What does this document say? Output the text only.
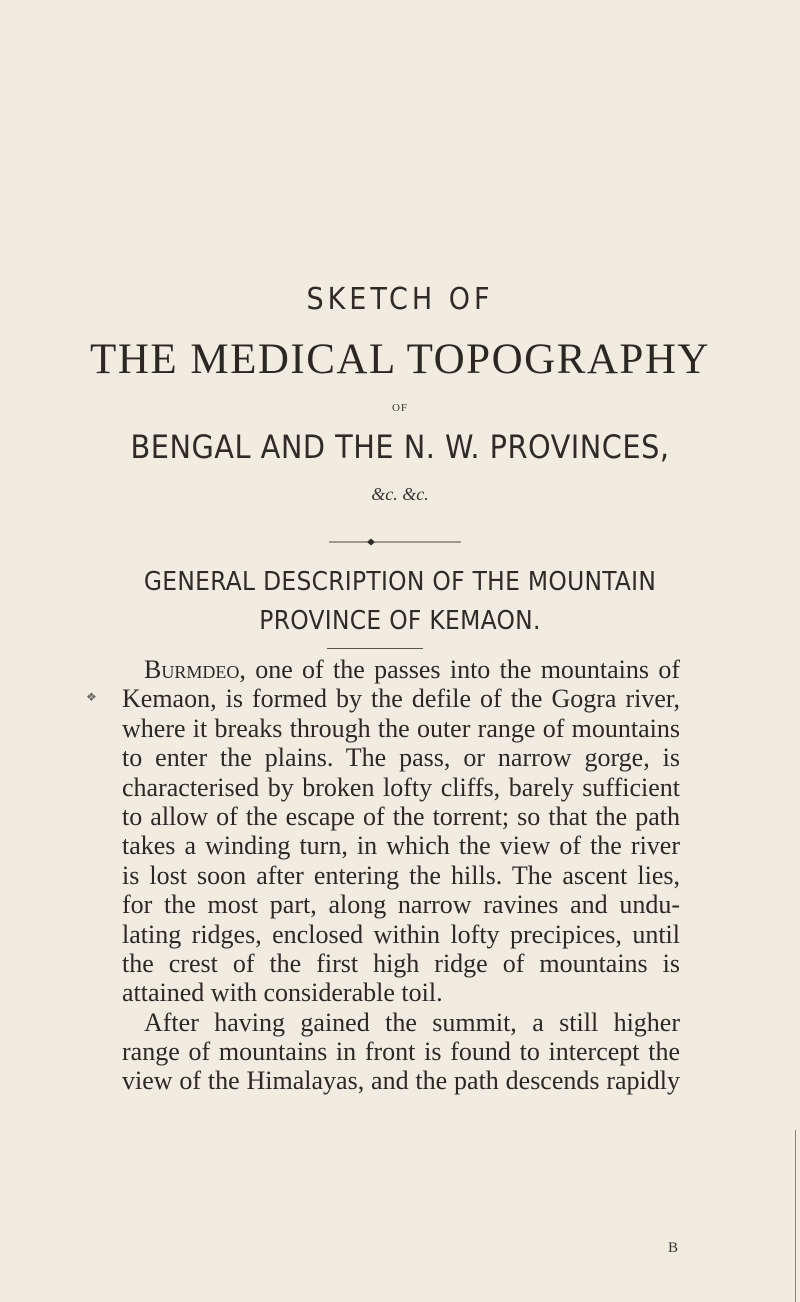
SKETCH OF
THE MEDICAL TOPOGRAPHY
OF
BENGAL AND THE N. W. PROVINCES,
&c. &c.
GENERAL DESCRIPTION OF THE MOUNTAIN
PROVINCE OF KEMAON.
❖
Burmdeo, one of the passes into the mountains of
Kemaon, is formed by the defile of the Gogra river,
where it breaks through the outer range of mountains
to enter the plains. The pass, or narrow gorge, is
characterised by broken lofty cliffs, barely sufficient
to allow of the escape of the torrent; so that the path
takes a winding turn, in which the view of the river
is lost soon after entering the hills. The ascent lies,
for the most part, along narrow ravines and undu-
lating ridges, enclosed within lofty precipices, until
the crest of the first high ridge of mountains is
attained with considerable toil.
After having gained the summit, a still higher
range of mountains in front is found to intercept the
view of the Himalayas, and the path descends rapidly
B
